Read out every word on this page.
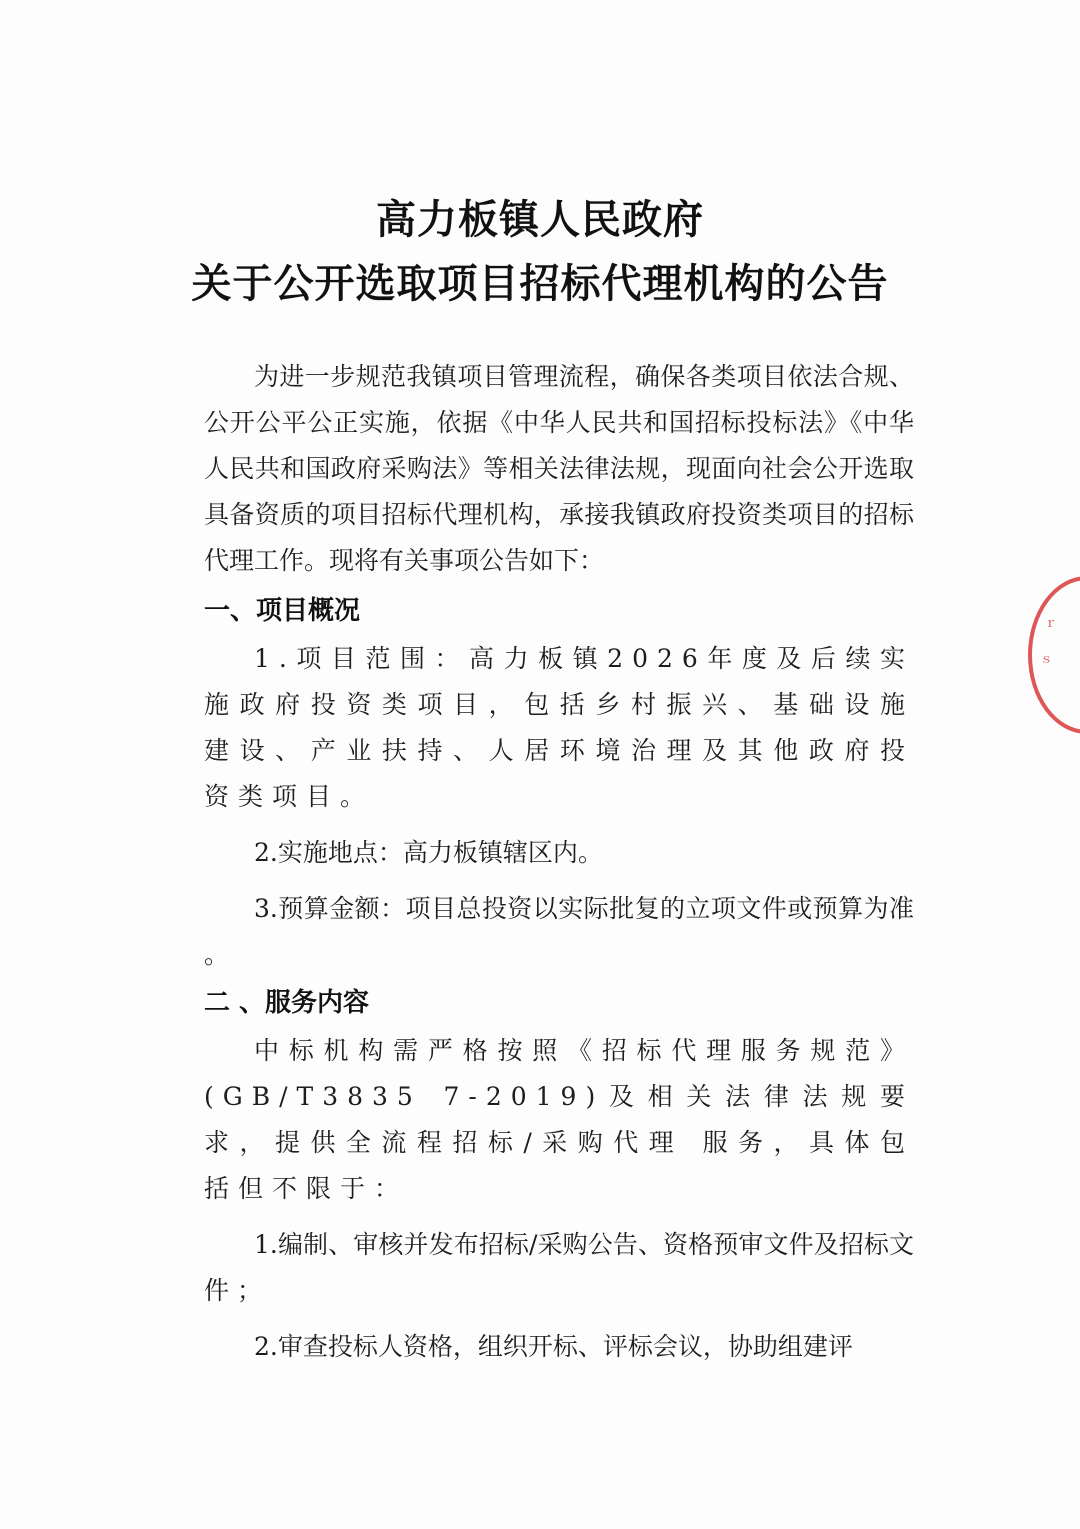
高力板镇人民政府
关于公开选取项目招标代理机构的公告

为进一步规范我镇项目管理流程，确保各类项目依法合规、公开公平公正实施，依据《中华人民共和国招标投标法》《中华人民共和国政府采购法》等相关法律法规，现面向社会公开选取具备资质的项目招标代理机构，承接我镇政府投资类项目的招标代理工作。现将有关事项公告如下：

一、项目概况

1.项目范围：高力板镇2026年度及后续实施政府投资类项目，包括乡村振兴、基础设施建设、产业扶持、人居环境治理及其他政府投资类项目。

2.实施地点：高力板镇辖区内。

3.预算金额：项目总投资以实际批复的立项文件或预算为准 。

二 、服务内容

中标机构需严格按照《招标代理服务规范》(GB/T3835 7-2019)及相关法律法规要求，提供全流程招标/采购代理 服务，具体包括但不限于：

1.编制、审核并发布招标/采购公告、资格预审文件及招标文件 ；

2.审查投标人资格，组织开标、评标会议，协助组建评

ｒ
ｓ
